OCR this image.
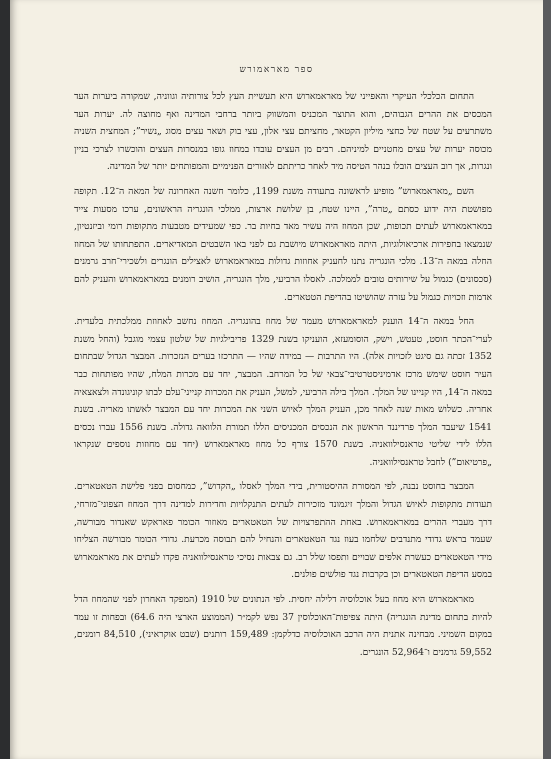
ספר מאראמורש

התחום הכלכלי העיקרי והאפייני של מאראמארוש היא תעשיית העץ לכל צורותיה וגווניה, שמקורה ביערות העד המכסים את ההרים הגבוהים, והוא התוצר המכניס והמשווק ביותר ברחבי המדינה ואף מחוצה לה. יערות העד משתרעים על שטח של כחצי מיליון הקטאר, מחציתם עצי אלון, עצי בוק ושאר עצים מסוג „נשיר”; המחצית השניה מכוסה יערות של עצים מחטניים למיניהם. רבים מן העצים עובדו במחוז גופו במנסרות העצים והוכשרו לצרכי בניין ונגרות, אך רוב העצים הובלו בנהר הטיסה מיד לאחר כריתתם לאזורים הפנימיים והמפותחים יותר של המדינה.

השם „מאראמארוש” מופיע לראשונה בתעודה משנת 1199, כלומר חשנה האחרונה של המאה ה־12. תקופה מפושטת היה ידוע כסתם „טרה”, היינו שטח, בן שלושת ארצות, ממלכי הונגריה הראשונים, ערכו מסעות צייד במאראמארוש לעתים תכופות, שכן המחוז היה עשיר מאד בחיות בר. כפי שמעידים מטבעות מתקופות רומי וביזנטיון, שנמצאו בחפירות ארכיאולוגיות, היתה מאראמארוש מיושבת גם לפני באו השבטים המאדיארים. התפתחותו של המחוז החלה במאה ה־13. מלכי הונגריה נתנו לחעניק אחוזות גדולות במאראמארוש לאצילים הונגרים ולשכירי־חרב גרמנים (סכסונים) כגמול על שירותים טובים לממלכה. לאסלו הרביעי, מלך הונגריה, הושיב רומנים במאראמארוש והעניק להם אדמות וזכויות כגמול על עזרה שהושיטו בהדיפת הטטארים.

החל במאה ה־14 הוענק למאראמארוש מעמד של מחוז בהונגריה. המחוז נחשב לאחוזת ממלכתית בלעדית. לערי־הכתר חוסט, טעטש, וישק, הוסומעזא, הועניקו בשנת 1329 פריבילגיות של שלטון עצמי מוגבל (והחל משנת 1352 זכתה גם סיגט לזכויות אלה). היו התרבות — במידה שהיו — התרכזו בערים הנזכרות. המבצר הגדול שבתחום העיר חוסט שימש מרכז אדמיניסטרטיבי־צבאי של כל המרחב. המבצר, יחד עם מכרות המלח, שהיו מפותחות כבר במאה ה־14, היו קניינו של המלך. המלך בילה הרביעי, למשל, העניק את המכרות קנייני־עלם לבתו קוניגונדה ולצאצאיה אחריה. כשלוש מאות שנה לאחר מכן, העניק המלך לאיוש השני את המכרות יחד עם המבצר לאשתו מאריה. בשנת 1541 שיעבד המלך פרדיננד הראשון את הנכסים המכניסים הללו תמורת הלוואה גדולה. בשנת 1556 עברו נכסים הללו לידי שליטי טראנסילוואניה. בשנת 1570 צורף כל מחוז מאראמארוש (יחד עם מחוזות נוספים שנקראו „פרטיאום”) לחבל טראנסילוואניה.

המבצר בחוסט נבנה, לפי המסורת ההיסטורית, בידי המלך לאסלו „הקדוש”, כמחסום בפני פלישת הטאטארים. תעודות מתקופות לאיוש הגדול והמלך זיגמונד מזכירות לעתים התנקלויות וחדירות למדינה דרך המחוז הצפוני־מזרחי, דרך מעברי ההרים במאראמארוש. באחת ההתפרצויות של הטאטארים מאוזור הכומר פאראקש שאנדור מבורשה, שעמד בראש גדודי מתנדבים שלחמו בעוז נגד הטאטארים והנחיל להם תבוסה מכרעת. גדודי הכומר מבורשה הצליחו מידי הטאטארים כעשרת אלפים שבויים ותפסו שלל רב. גם צבאות נסיכי טראנסילוואניה פקדו לעתים את מאראמארוש במסע הדיפת הטאטארים וכן בקרבות נגד פולשים פולנים.

מאראמארוש היא מחוז בעל אוכלוסיה דלילה יחסית. לפי הנתונים של 1910 (המפקד האחרון לפני שהמחוז הדל להיות בתחום מדינת הונגריה) היתה צפיפות־האוכלוסין 37 נפש לקמ״ר (הממוצע הארצי היה 64.6) ובפחות זו עמד במקום השמיני. מבחינה אתנית היה הרכב האוכלוסיה כדלקמן: 159,489 רותנים (שבט אוקראיני), 84,510 רומנים, 59,552 גרמנים ו־52,964 הונגרים.
